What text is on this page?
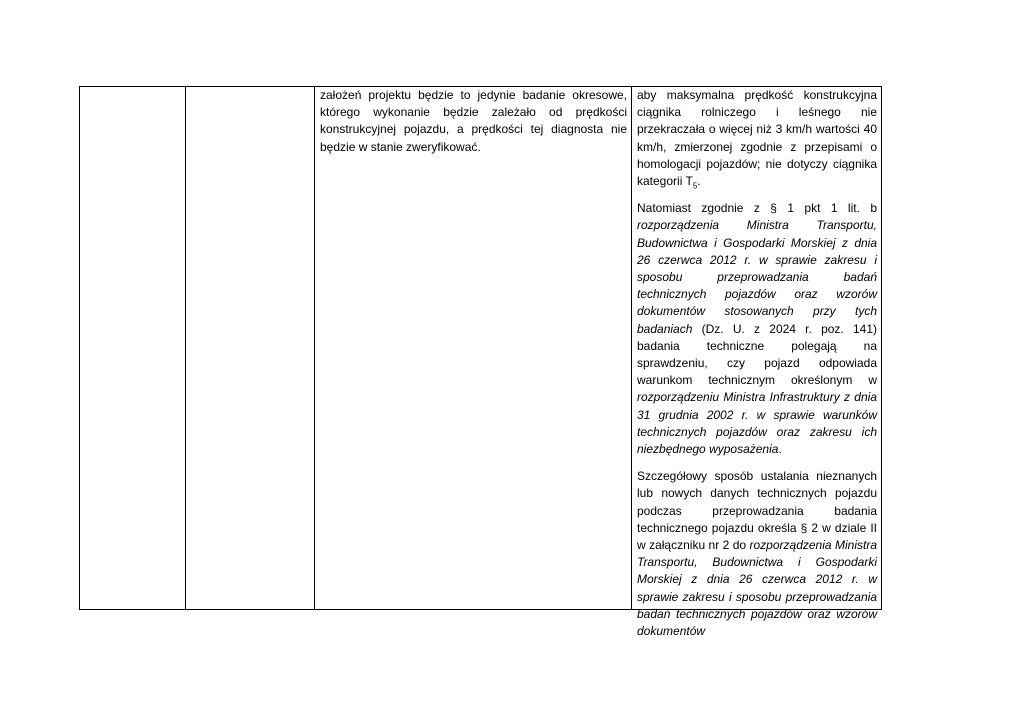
założeń projektu będzie to jedynie badanie okresowe, którego wykonanie będzie zależało od prędkości konstrukcyjnej pojazdu, a prędkości tej diagnosta nie będzie w stanie zweryfikować.

aby maksymalna prędkość konstrukcyjna ciągnika rolniczego i leśnego nie przekraczała o więcej niż 3 km/h wartości 40 km/h, zmierzonej zgodnie z przepisami o homologacji pojazdów; nie dotyczy ciągnika kategorii $T_5$.

Natomiast zgodnie z § 1 pkt 1 lit. b rozporządzenia Ministra Transportu, Budownictwa i Gospodarki Morskiej z dnia 26 czerwca 2012 r. w sprawie zakresu i sposobu przeprowadzania badań technicznych pojazdów oraz wzorów dokumentów stosowanych przy tych badaniach (Dz. U. z 2024 r. poz. 141) badania techniczne polegają na sprawdzeniu, czy pojazd odpowiada warunkom technicznym określonym w rozporządzeniu Ministra Infrastruktury z dnia 31 grudnia 2002 r. w sprawie warunków technicznych pojazdów oraz zakresu ich niezbędnego wyposażenia.

Szczegółowy sposób ustalania nieznanych lub nowych danych technicznych pojazdu podczas przeprowadzania badania technicznego pojazdu określa § 2 w dziale II w załączniku nr 2 do rozporządzenia Ministra Transportu, Budownictwa i Gospodarki Morskiej z dnia 26 czerwca 2012 r. w sprawie zakresu i sposobu przeprowadzania badań technicznych pojazdów oraz wzorów dokumentów
